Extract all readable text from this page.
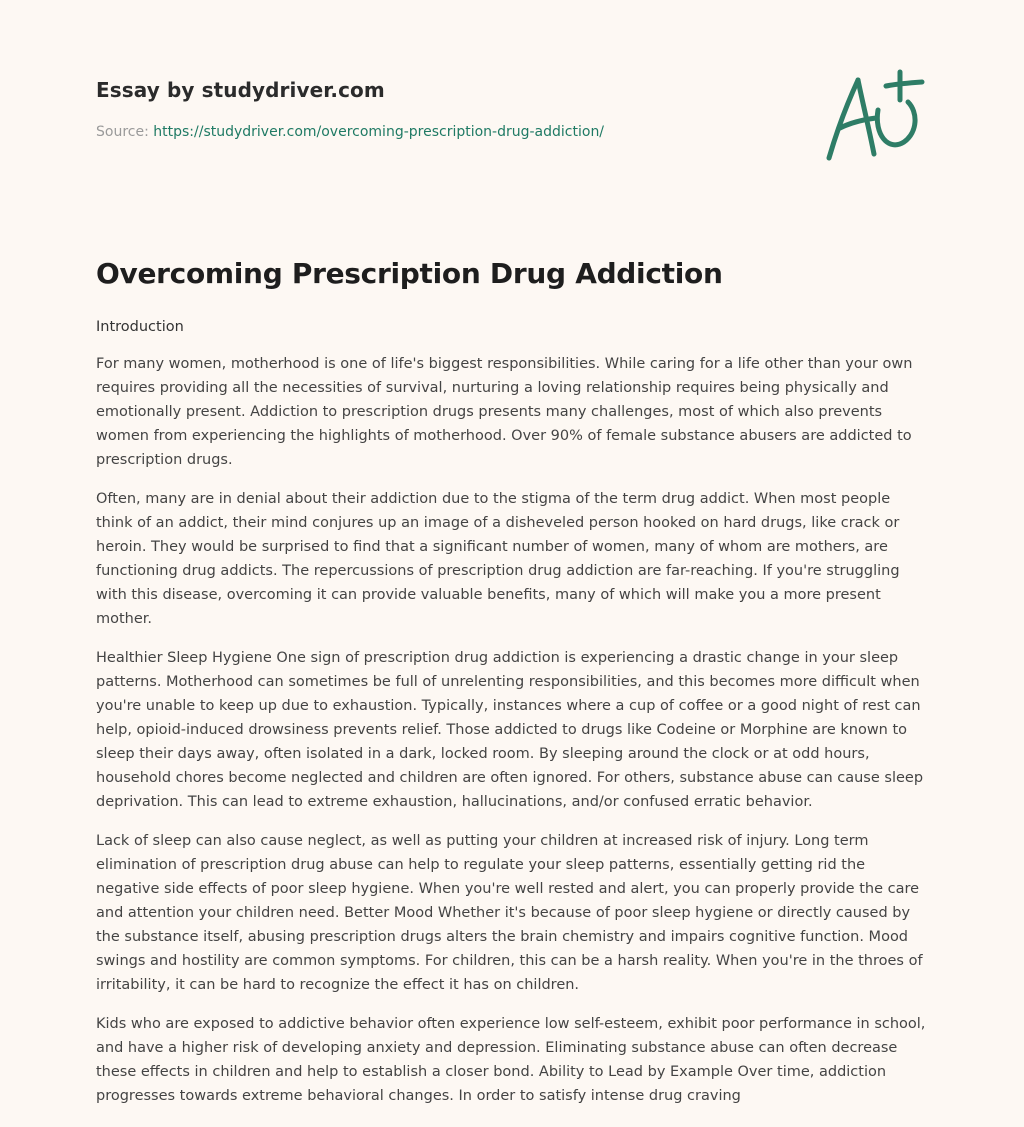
Essay by studydriver.com

Source: https://studydriver.com/overcoming-prescription-drug-addiction/
Overcoming Prescription Drug Addiction

Introduction

For many women, motherhood is one of life's biggest responsibilities. While caring for a life other than your own requires providing all the necessities of survival, nurturing a loving relationship requires being physically and emotionally present. Addiction to prescription drugs presents many challenges, most of which also prevents women from experiencing the highlights of motherhood. Over 90% of female substance abusers are addicted to prescription drugs.

Often, many are in denial about their addiction due to the stigma of the term drug addict. When most people think of an addict, their mind conjures up an image of a disheveled person hooked on hard drugs, like crack or heroin. They would be surprised to find that a significant number of women, many of whom are mothers, are functioning drug addicts. The repercussions of prescription drug addiction are far-reaching. If you're struggling with this disease, overcoming it can provide valuable benefits, many of which will make you a more present mother.

Healthier Sleep Hygiene One sign of prescription drug addiction is experiencing a drastic change in your sleep patterns. Motherhood can sometimes be full of unrelenting responsibilities, and this becomes more difficult when you're unable to keep up due to exhaustion. Typically, instances where a cup of coffee or a good night of rest can help, opioid-induced drowsiness prevents relief. Those addicted to drugs like Codeine or Morphine are known to sleep their days away, often isolated in a dark, locked room. By sleeping around the clock or at odd hours, household chores become neglected and children are often ignored. For others, substance abuse can cause sleep deprivation. This can lead to extreme exhaustion, hallucinations, and/or confused erratic behavior.

Lack of sleep can also cause neglect, as well as putting your children at increased risk of injury. Long term elimination of prescription drug abuse can help to regulate your sleep patterns, essentially getting rid the negative side effects of poor sleep hygiene. When you're well rested and alert, you can properly provide the care and attention your children need. Better Mood Whether it's because of poor sleep hygiene or directly caused by the substance itself, abusing prescription drugs alters the brain chemistry and impairs cognitive function. Mood swings and hostility are common symptoms. For children, this can be a harsh reality. When you're in the throes of irritability, it can be hard to recognize the effect it has on children.

Kids who are exposed to addictive behavior often experience low self-esteem, exhibit poor performance in school, and have a higher risk of developing anxiety and depression. Eliminating substance abuse can often decrease these effects in children and help to establish a closer bond. Ability to Lead by Example Over time, addiction progresses towards extreme behavioral changes. In order to satisfy intense drug craving
